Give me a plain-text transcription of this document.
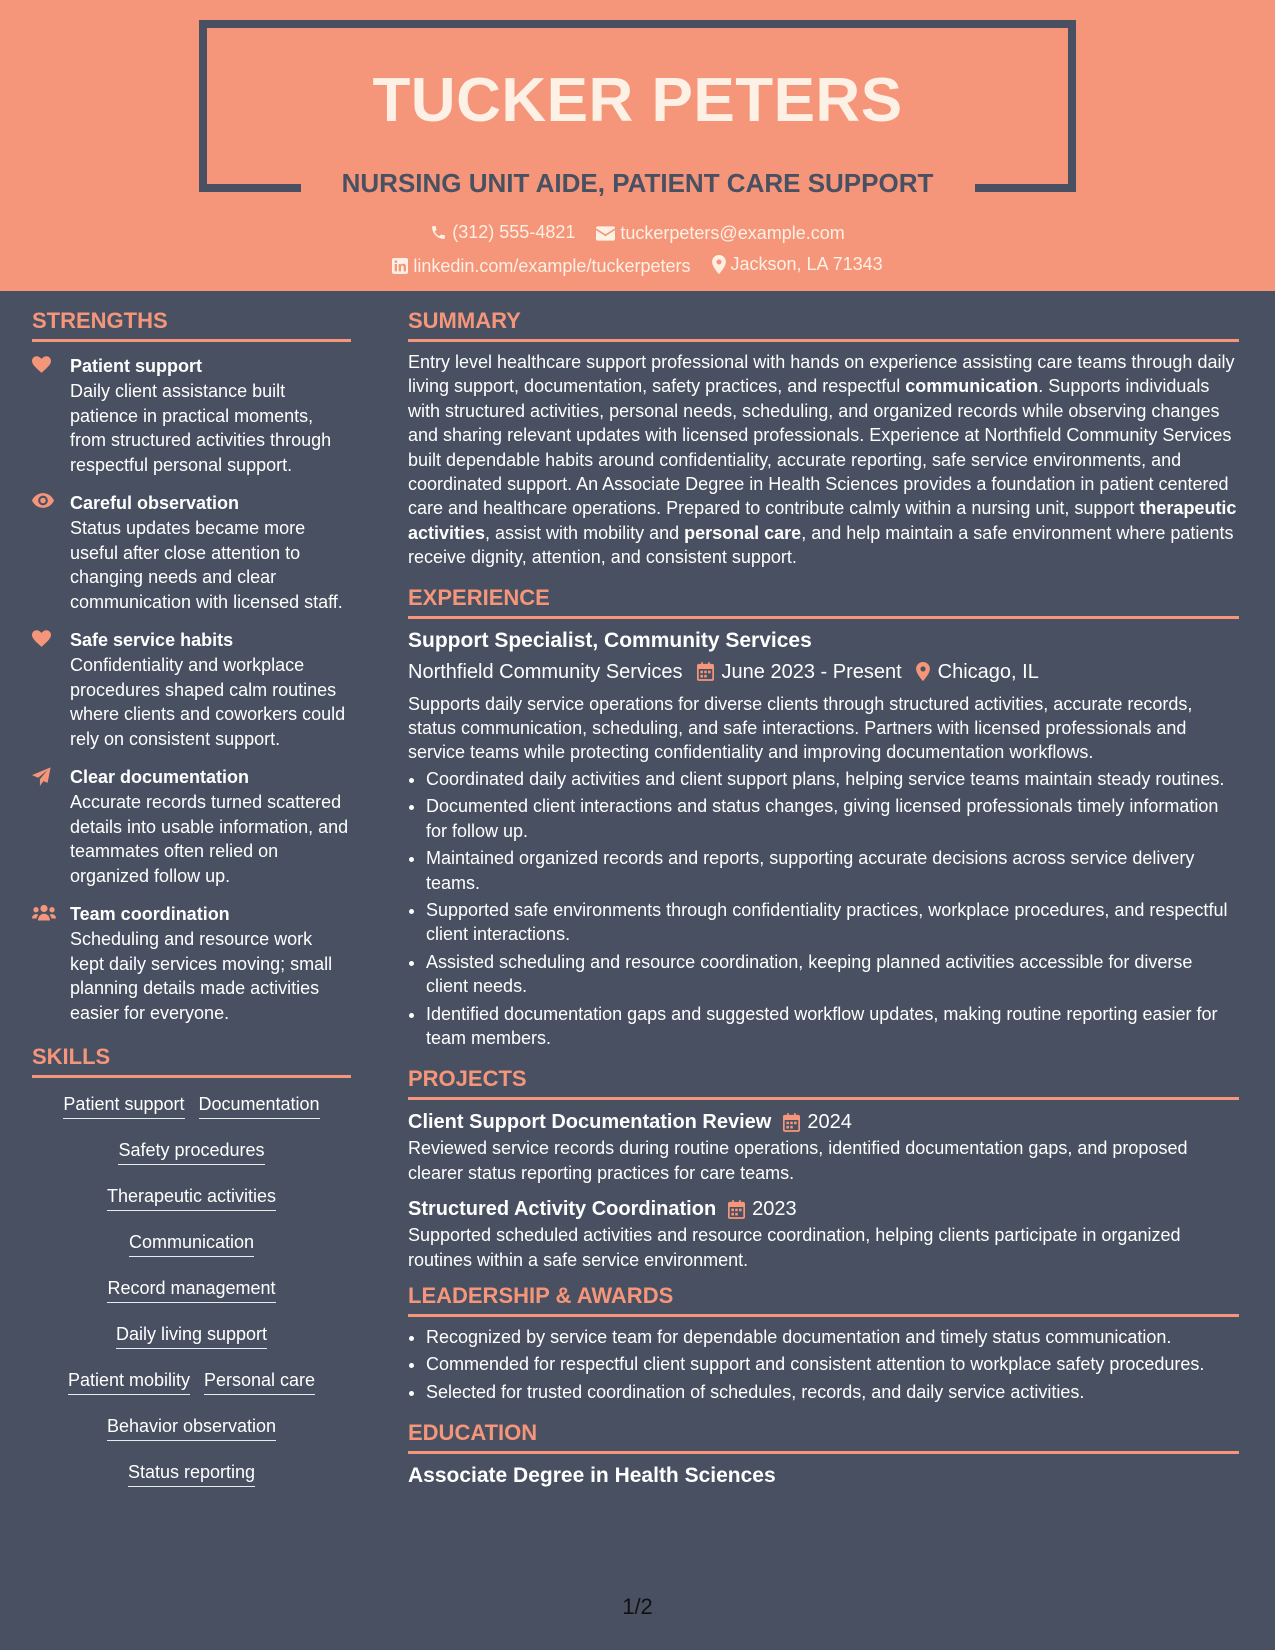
TUCKER PETERS
NURSING UNIT AIDE, PATIENT CARE SUPPORT
(312) 555-4821
	tuckerpeters@example.com
linkedin.com/example/tuckerpeters
Jackson, LA 71343
STRENGTHS
Patient support
Daily client assistance built patience in practical moments, from structured activities through respectful personal support.
Careful observation
Status updates became more useful after close attention to changing needs and clear communication with licensed staff.
Safe service habits
Confidentiality and workplace procedures shaped calm routines where clients and coworkers could rely on consistent support.
Clear documentation
Accurate records turned scattered details into usable information, and teammates often relied on organized follow up.
Team coordination
Scheduling and resource work kept daily services moving; small planning details made activities easier for everyone.
SKILLS
Patient support Documentation
Safety procedures
Therapeutic activities
Communication
Record management
Daily living support
Patient mobility Personal care
Behavior observation
Status reporting
SUMMARY

Entry level healthcare support professional with hands on experience assisting care teams through daily living support, documentation, safety practices, and respectful communication. Supports individuals with structured activities, personal needs, scheduling, and organized records while observing changes and sharing relevant updates with licensed professionals. Experience at Northfield Community Services built dependable habits around confidentiality, accurate reporting, safe service environments, and coordinated support. An Associate Degree in Health Sciences provides a foundation in patient centered care and healthcare operations. Prepared to contribute calmly within a nursing unit, support therapeutic activities, assist with mobility and personal care, and help maintain a safe environment where patients receive dignity, attention, and consistent support.

EXPERIENCE
Support Specialist, Community Services
Northfield Community Services June 2023 - Present Chicago, IL
Supports daily service operations for diverse clients through structured activities, accurate records, status communication, scheduling, and safe interactions. Partners with licensed professionals and service teams while protecting confidentiality and improving documentation workflows.
• Coordinated daily activities and client support plans, helping service teams maintain steady routines.
• Documented client interactions and status changes, giving licensed professionals timely information for follow up.
• Maintained organized records and reports, supporting accurate decisions across service delivery teams.
• Supported safe environments through confidentiality practices, workplace procedures, and respectful client interactions.
• Assisted scheduling and resource coordination, keeping planned activities accessible for diverse client needs.
• Identified documentation gaps and suggested workflow updates, making routine reporting easier for team members.
PROJECTS
Client Support Documentation Review 2024
Reviewed service records during routine operations, identified documentation gaps, and proposed clearer status reporting practices for care teams.
Structured Activity Coordination 2023
Supported scheduled activities and resource coordination, helping clients participate in organized routines within a safe service environment.
LEADERSHIP & AWARDS
• Recognized by service team for dependable documentation and timely status communication.
• Commended for respectful client support and consistent attention to workplace safety procedures.
• Selected for trusted coordination of schedules, records, and daily service activities.
EDUCATION
Associate Degree in Health Sciences
1/2
